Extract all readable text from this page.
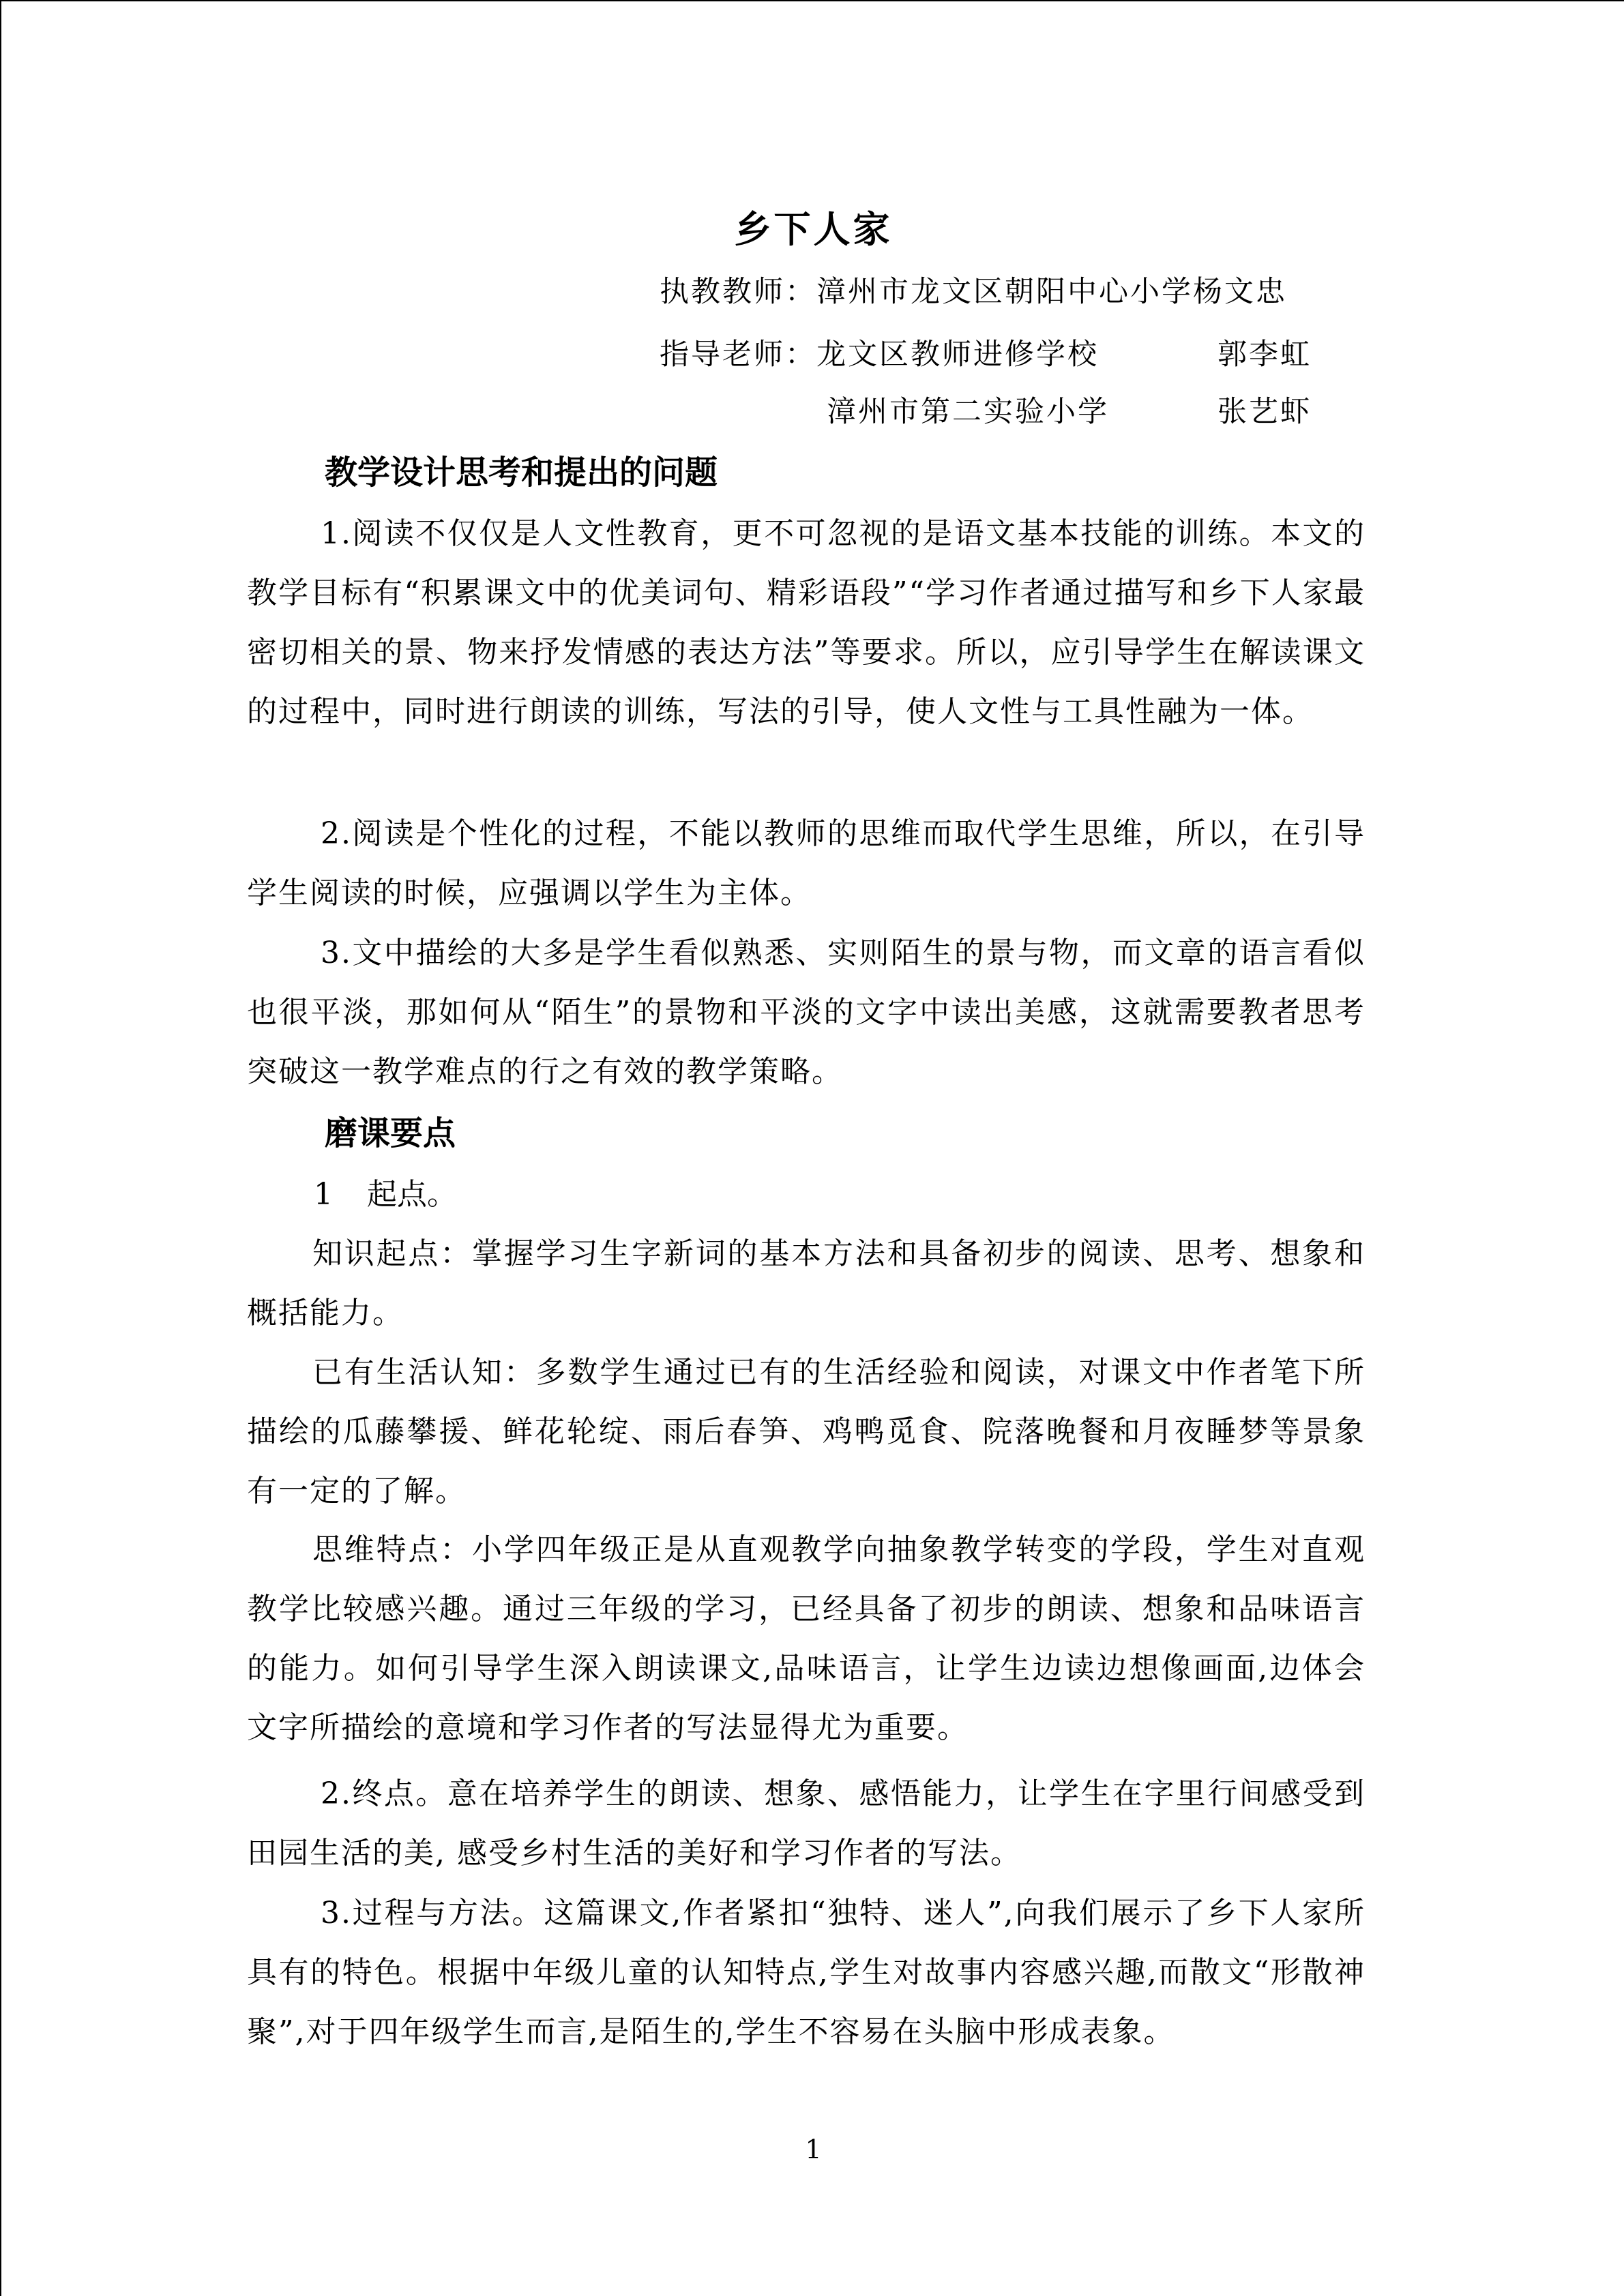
乡下人家
执教教师：漳州市龙文区朝阳中心小学杨文忠
指导老师：龙文区教师进修学校	郭李虹
漳州市第二实验小学	张艺虾
教学设计思考和提出的问题

1.阅读不仅仅是人文性教育，更不可忽视的是语文基本技能的训练。本文的教学目标有“积累课文中的优美词句、精彩语段”“学习作者通过描写和乡下人家最密切相关的景、物来抒发情感的表达方法”等要求。所以，应引导学生在解读课文的过程中，同时进行朗读的训练，写法的引导，使人文性与工具性融为一体。

2.阅读是个性化的过程，不能以教师的思维而取代学生思维，所以，在引导学生阅读的时候，应强调以学生为主体。

3.文中描绘的大多是学生看似熟悉、实则陌生的景与物，而文章的语言看似也很平淡，那如何从“陌生”的景物和平淡的文字中读出美感，这就需要教者思考突破这一教学难点的行之有效的教学策略。

磨课要点
1 起点。

知识起点：掌握学习生字新词的基本方法和具备初步的阅读、思考、想象和概括能力。

已有生活认知：多数学生通过已有的生活经验和阅读，对课文中作者笔下所描绘的瓜藤攀援、鲜花轮绽、雨后春笋、鸡鸭觅食、院落晚餐和月夜睡梦等景象有一定的了解。

思维特点：小学四年级正是从直观教学向抽象教学转变的学段，学生对直观教学比较感兴趣。通过三年级的学习，已经具备了初步的朗读、想象和品味语言的能力。如何引导学生深入朗读课文,品味语言，让学生边读边想像画面,边体会文字所描绘的意境和学习作者的写法显得尤为重要。

2.终点。意在培养学生的朗读、想象、感悟能力，让学生在字里行间感受到田园生活的美, 感受乡村生活的美好和学习作者的写法。

3.过程与方法。这篇课文,作者紧扣“独特、迷人”,向我们展示了乡下人家所具有的特色。根据中年级儿童的认知特点,学生对故事内容感兴趣,而散文“形散神聚”,对于四年级学生而言,是陌生的,学生不容易在头脑中形成表象。

1
